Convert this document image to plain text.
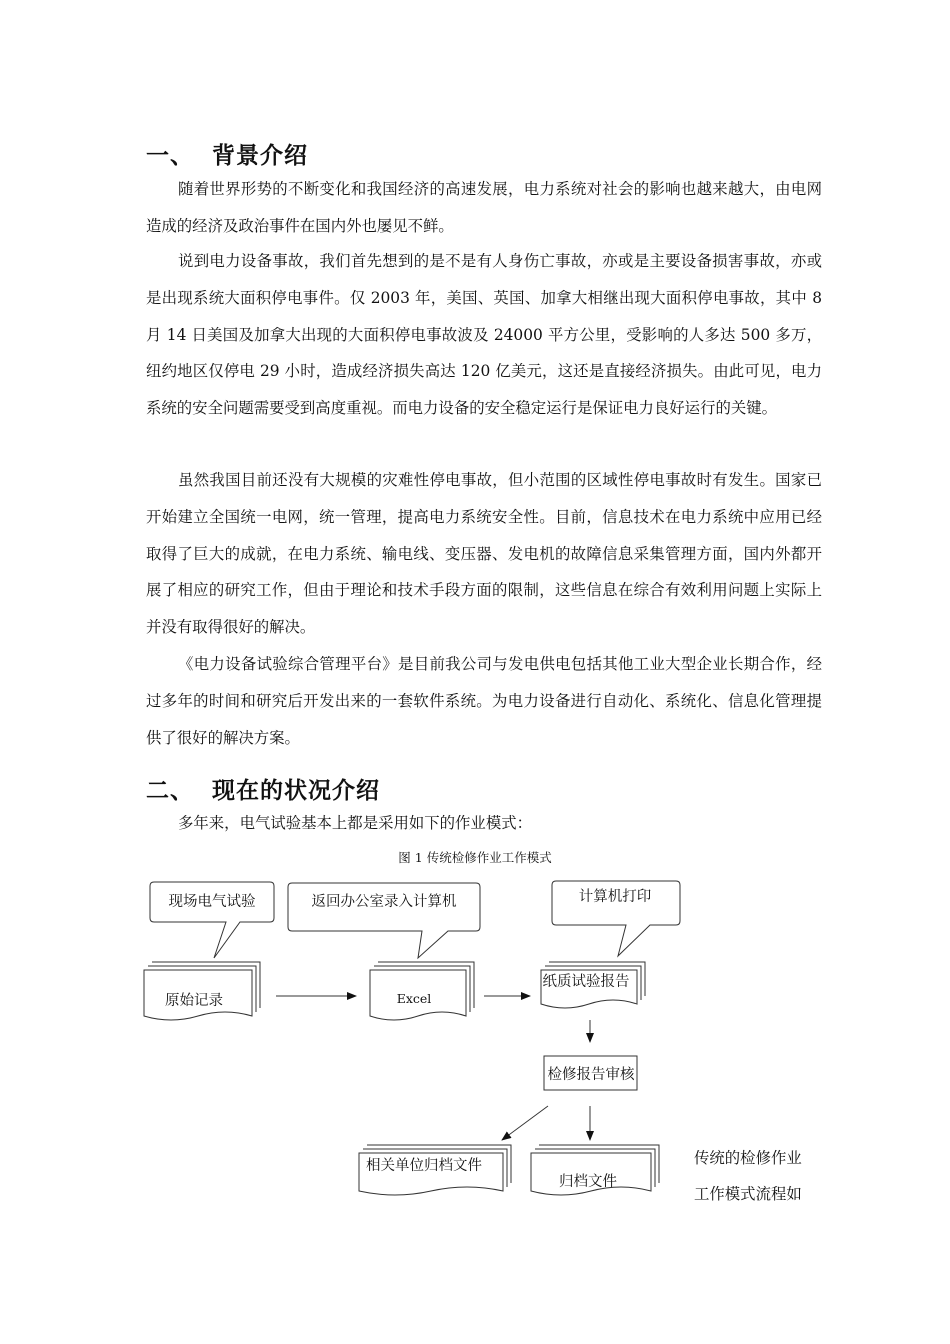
一、 背景介绍

随着世界形势的不断变化和我国经济的高速发展，电力系统对社会的影响也越来越大，由电网造成的经济及政治事件在国内外也屡见不鲜。

说到电力设备事故，我们首先想到的是不是有人身伤亡事故，亦或是主要设备损害事故，亦或是出现系统大面积停电事件。仅 2003 年，美国、英国、加拿大相继出现大面积停电事故，其中 8 月 14 日美国及加拿大出现的大面积停电事故波及 24000 平方公里，受影响的人多达 500 多万，纽约地区仅停电 29 小时，造成经济损失高达 120 亿美元，这还是直接经济损失。由此可见，电力系统的安全问题需要受到高度重视。而电力设备的安全稳定运行是保证电力良好运行的关键。

虽然我国目前还没有大规模的灾难性停电事故，但小范围的区域性停电事故时有发生。国家已开始建立全国统一电网，统一管理，提高电力系统安全性。目前，信息技术在电力系统中应用已经取得了巨大的成就，在电力系统、输电线、变压器、发电机的故障信息采集管理方面，国内外都开展了相应的研究工作，但由于理论和技术手段方面的限制，这些信息在综合有效利用问题上实际上并没有取得很好的解决。

《电力设备试验综合管理平台》是目前我公司与发电供电包括其他工业大型企业长期合作，经过多年的时间和研究后开发出来的一套软件系统。为电力设备进行自动化、系统化、信息化管理提供了很好的解决方案。

二、 现在的状况介绍

多年来，电气试验基本上都是采用如下的作业模式：

图 1 传统检修作业工作模式
现场电气试验	返回办公室录入计算机	计算机打印
原始记录	Excel
纸质试验报告
检修报告审核
相关单位归档文件
归档文件
传统的检修作业
工作模式流程如
